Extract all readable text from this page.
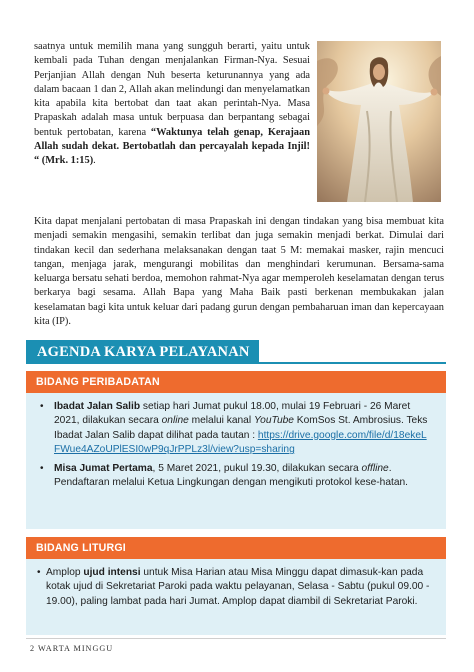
saatnya untuk memilih mana yang sungguh berarti, yaitu untuk kembali pada Tuhan dengan menjalankan Firman-Nya. Sesuai Perjanjian Allah dengan Nuh beserta keturunannya yang ada dalam bacaan 1 dan 2, Allah akan melindungi dan menyelamatkan kita apabila kita bertobat dan taat akan perintah-Nya. Masa Prapaskah adalah masa untuk berpuasa dan berpantang sebagai bentuk pertobatan, karena “Waktunya telah genap, Kerajaan Allah sudah dekat. Bertobatlah dan percayalah kepada Injil! “ (Mrk. 1:15).
Kita dapat menjalani pertobatan di masa Prapaskah ini dengan tindakan yang bisa membuat kita menjadi semakin mengasihi, semakin terlibat dan juga semakin menjadi berkat. Dimulai dari tindakan kecil dan sederhana melaksanakan dengan taat 5 M: memakai masker, rajin mencuci tangan, menjaga jarak, mengurangi mobilitas dan menghindari kerumunan. Bersama-sama keluarga bersatu sehati berdoa, memohon rahmat-Nya agar memperoleh keselamatan dengan terus berkarya bagi sesama. Allah Bapa yang Maha Baik pasti berkenan membukakan jalan keselamatan bagi kita untuk keluar dari padang gurun dengan pembaharuan iman dan kepercayaan kita (IP).
AGENDA KARYA PELAYANAN
BIDANG PERIBADATAN
• Ibadat Jalan Salib setiap hari Jumat pukul 18.00, mulai 19 Februari - 26 Maret 2021, dilakukan secara online melalui kanal YouTube KomSos St. Ambrosius. Teks Ibadat Jalan Salib dapat dilihat pada tautan : https://drive.google.com/file/d/18ekeLFWue4AZoUPlESI0wP9qJrPPLz3l/view?usp=sharing
• Misa Jumat Pertama, 5 Maret 2021, pukul 19.30, dilakukan secara offline. Pendaftaran melalui Ketua Lingkungan dengan mengikuti protokol kese-hatan.
BIDANG LITURGI
• Amplop ujud intensi untuk Misa Harian atau Misa Minggu dapat dimasuk-kan pada kotak ujud di Sekretariat Paroki pada waktu pelayanan, Selasa - Sabtu (pukul 09.00 - 19.00), paling lambat pada hari Jumat. Amplop dapat diambil di Sekretariat Paroki.
2 WARTA MINGGU
